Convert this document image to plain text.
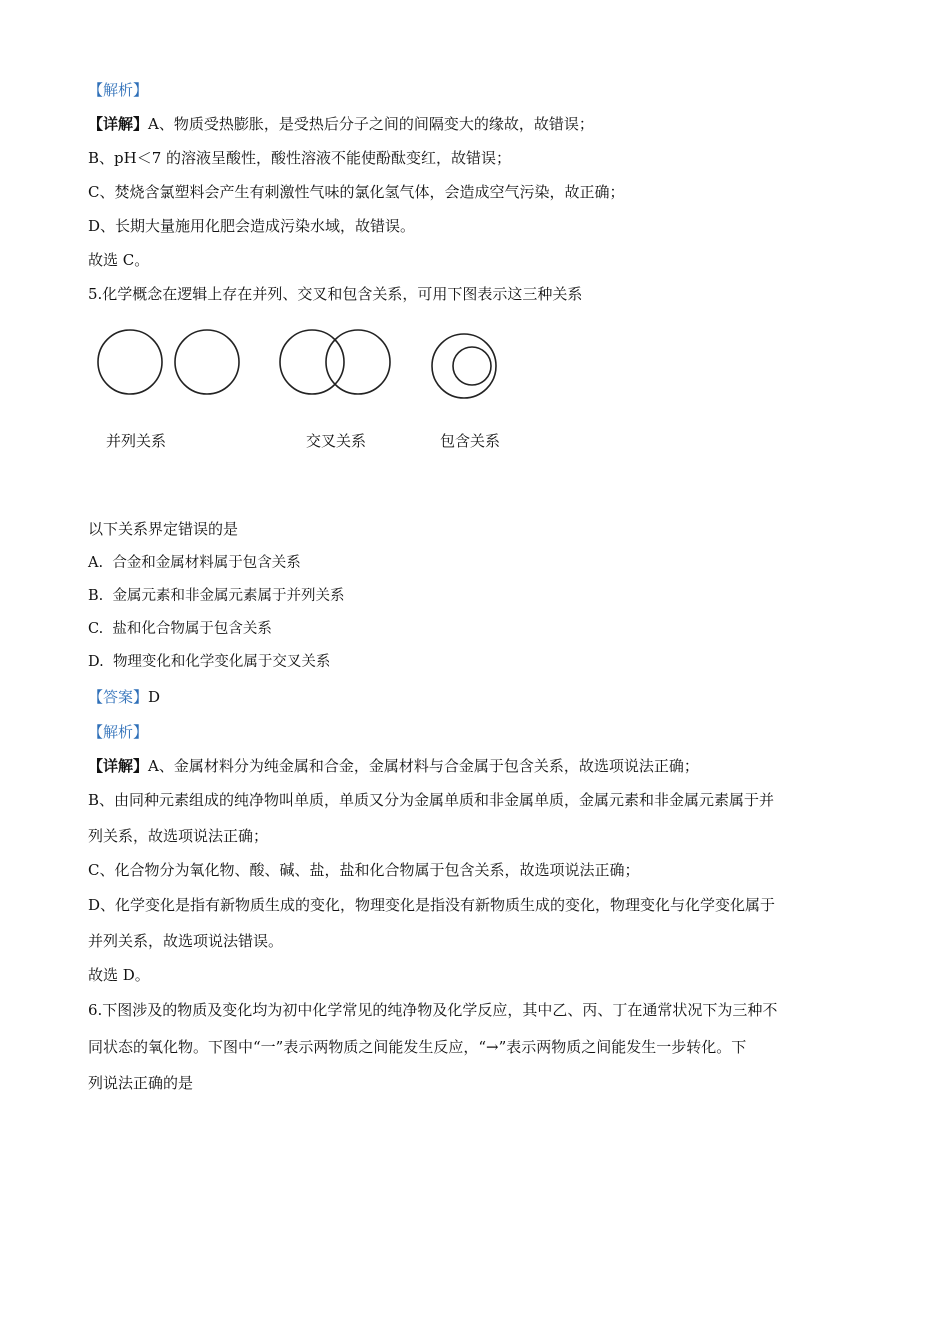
【解析】
【详解】A、物质受热膨胀，是受热后分子之间的间隔变大的缘故，故错误；
B、pH＜7 的溶液呈酸性，酸性溶液不能使酚酞变红，故错误；
C、焚烧含氯塑料会产生有刺激性气味的氯化氢气体，会造成空气污染，故正确；
D、长期大量施用化肥会造成污染水域，故错误。
故选 C。
5.化学概念在逻辑上存在并列、交叉和包含关系，可用下图表示这三种关系
并列关系	交叉关系	包含关系
以下关系界定错误的是
A. 合金和金属材料属于包含关系
B. 金属元素和非金属元素属于并列关系
C. 盐和化合物属于包含关系
D. 物理变化和化学变化属于交叉关系
【答案】D
【解析】
【详解】A、金属材料分为纯金属和合金，金属材料与合金属于包含关系，故选项说法正确；
B、由同种元素组成的纯净物叫单质，单质又分为金属单质和非金属单质，金属元素和非金属元素属于并
列关系，故选项说法正确；
C、化合物分为氧化物、酸、碱、盐，盐和化合物属于包含关系，故选项说法正确；
D、化学变化是指有新物质生成的变化，物理变化是指没有新物质生成的变化，物理变化与化学变化属于
并列关系，故选项说法错误。
故选 D。
6.下图涉及的物质及变化均为初中化学常见的纯净物及化学反应，其中乙、丙、丁在通常状况下为三种不
同状态的氧化物。下图中“一”表示两物质之间能发生反应，“→”表示两物质之间能发生一步转化。下
列说法正确的是
